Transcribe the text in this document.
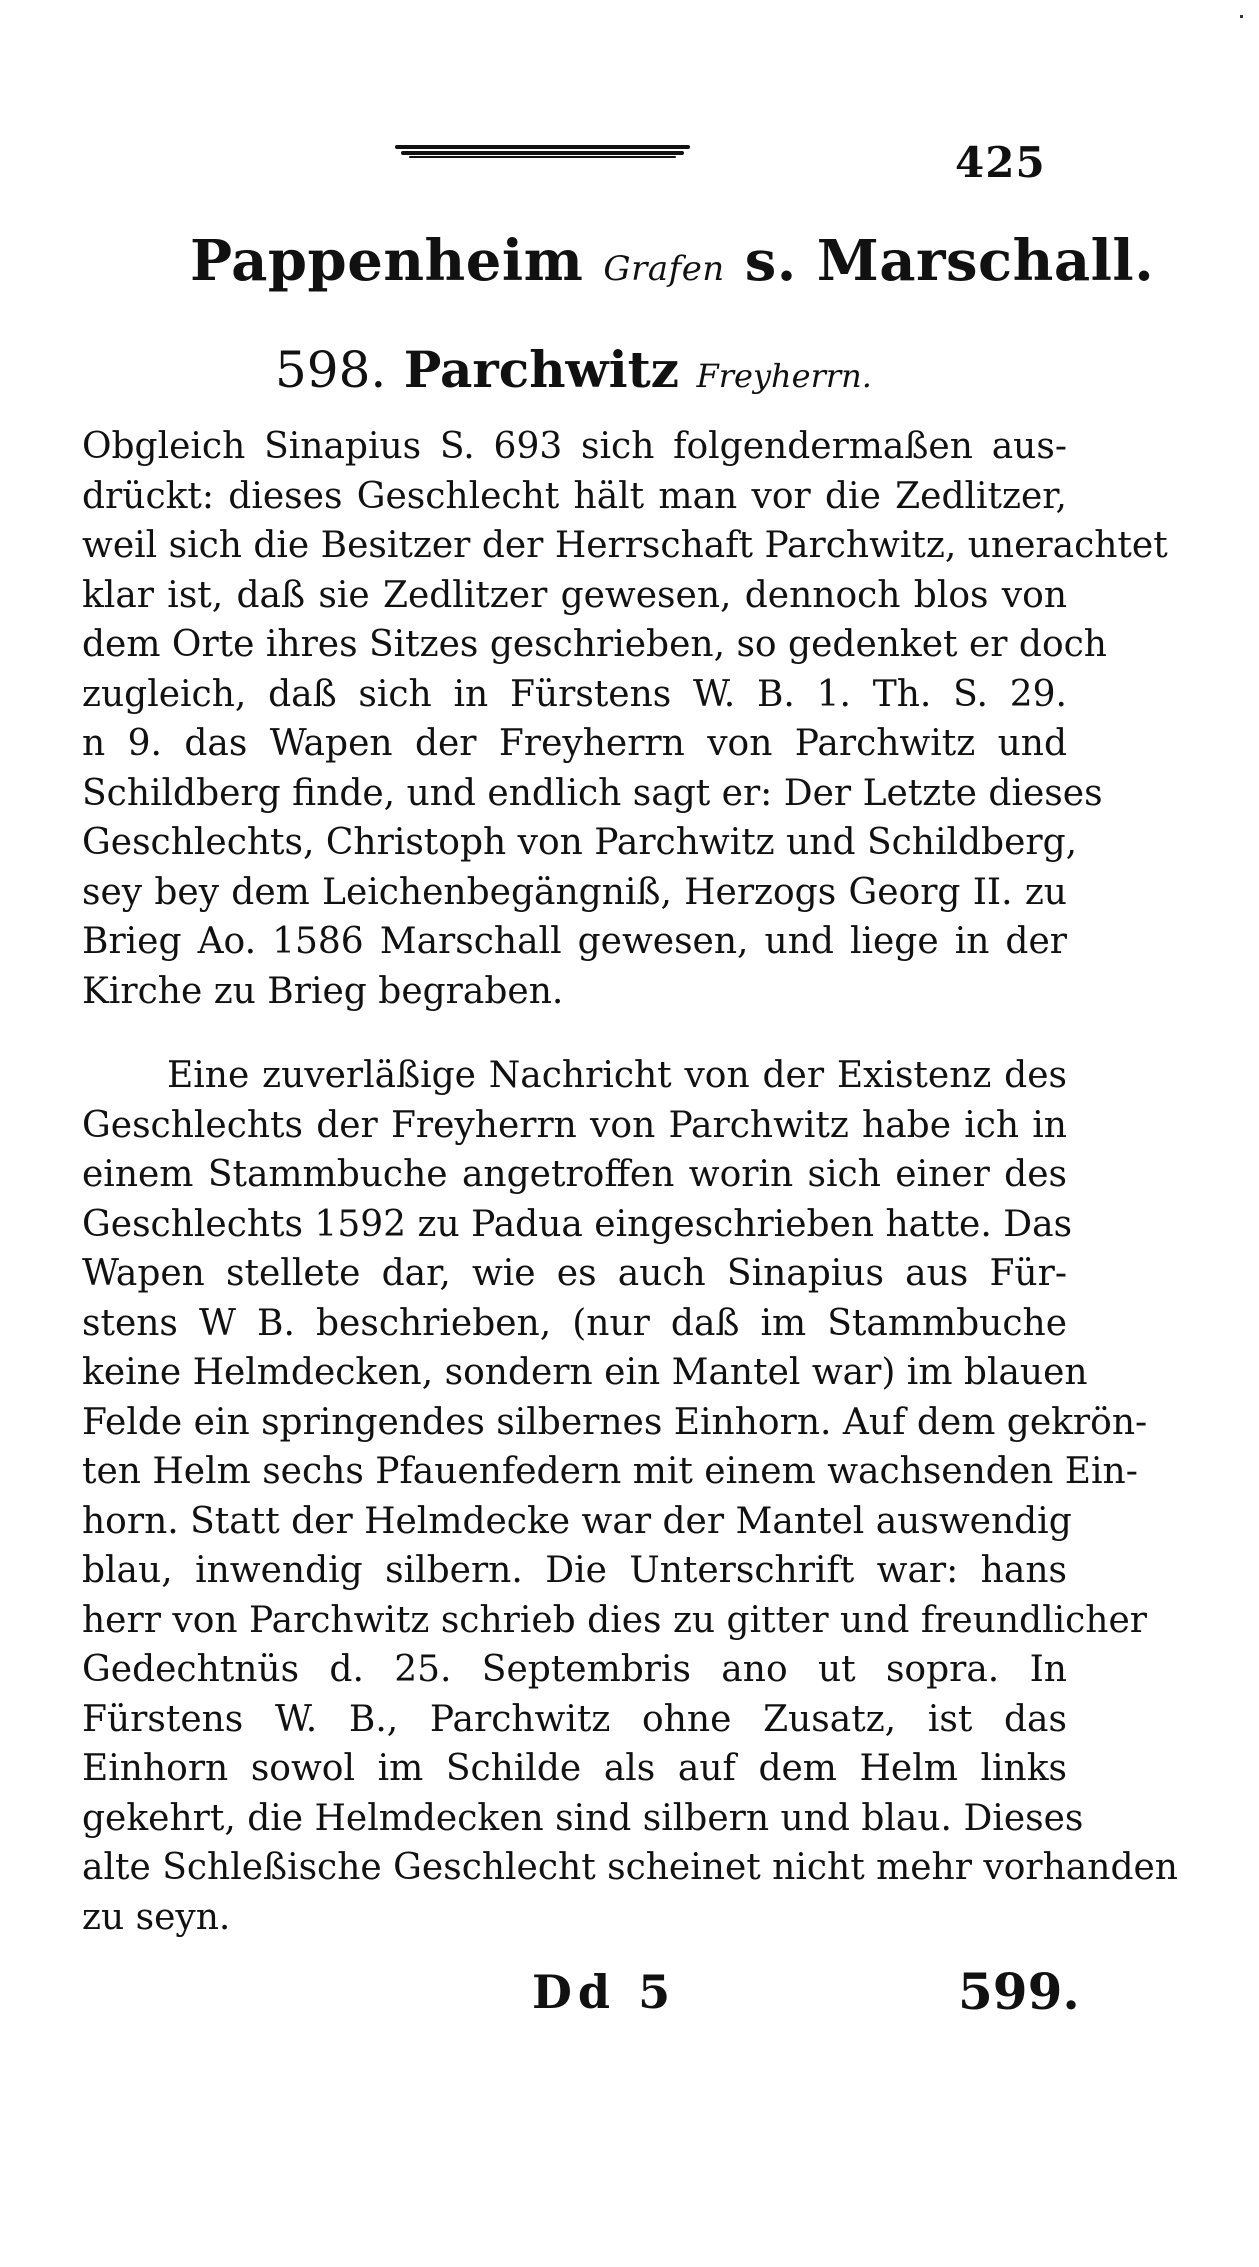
425
Pappenheim Grafen s. Marschall.
598. Parchwitz Freyherrn.
Obgleich Sinapius S. 693 sich folgendermaßen aus-
drückt: dieses Geschlecht hält man vor die Zedlitzer,
weil sich die Besitzer der Herrschaft Parchwitz, unerachtet
klar ist, daß sie Zedlitzer gewesen, dennoch blos von
dem Orte ihres Sitzes geschrieben, so gedenket er doch
zugleich, daß sich in Fürstens W. B. 1. Th. S. 29.
n 9. das Wapen der Freyherrn von Parchwitz und
Schildberg finde, und endlich sagt er: Der Letzte dieses
Geschlechts, Christoph von Parchwitz und Schildberg,
sey bey dem Leichenbegängniß, Herzogs Georg II. zu
Brieg Ao. 1586 Marschall gewesen, und liege in der
Kirche zu Brieg begraben.
Eine zuverläßige Nachricht von der Existenz des
Geschlechts der Freyherrn von Parchwitz habe ich in
einem Stammbuche angetroffen worin sich einer des
Geschlechts 1592 zu Padua eingeschrieben hatte. Das
Wapen stellete dar, wie es auch Sinapius aus Für-
stens W B. beschrieben, (nur daß im Stammbuche
keine Helmdecken, sondern ein Mantel war) im blauen
Felde ein springendes silbernes Einhorn. Auf dem gekrön-
ten Helm sechs Pfauenfedern mit einem wachsenden Ein-
horn. Statt der Helmdecke war der Mantel auswendig
blau, inwendig silbern. Die Unterschrift war: hans
herr von Parchwitz schrieb dies zu gitter und freundlicher
Gedechtnüs d. 25. Septembris ano ut sopra. In
Fürstens W. B., Parchwitz ohne Zusatz, ist das
Einhorn sowol im Schilde als auf dem Helm links
gekehrt, die Helmdecken sind silbern und blau. Dieses
alte Schleßische Geschlecht scheinet nicht mehr vorhanden
zu seyn.
Dd 5	599.
